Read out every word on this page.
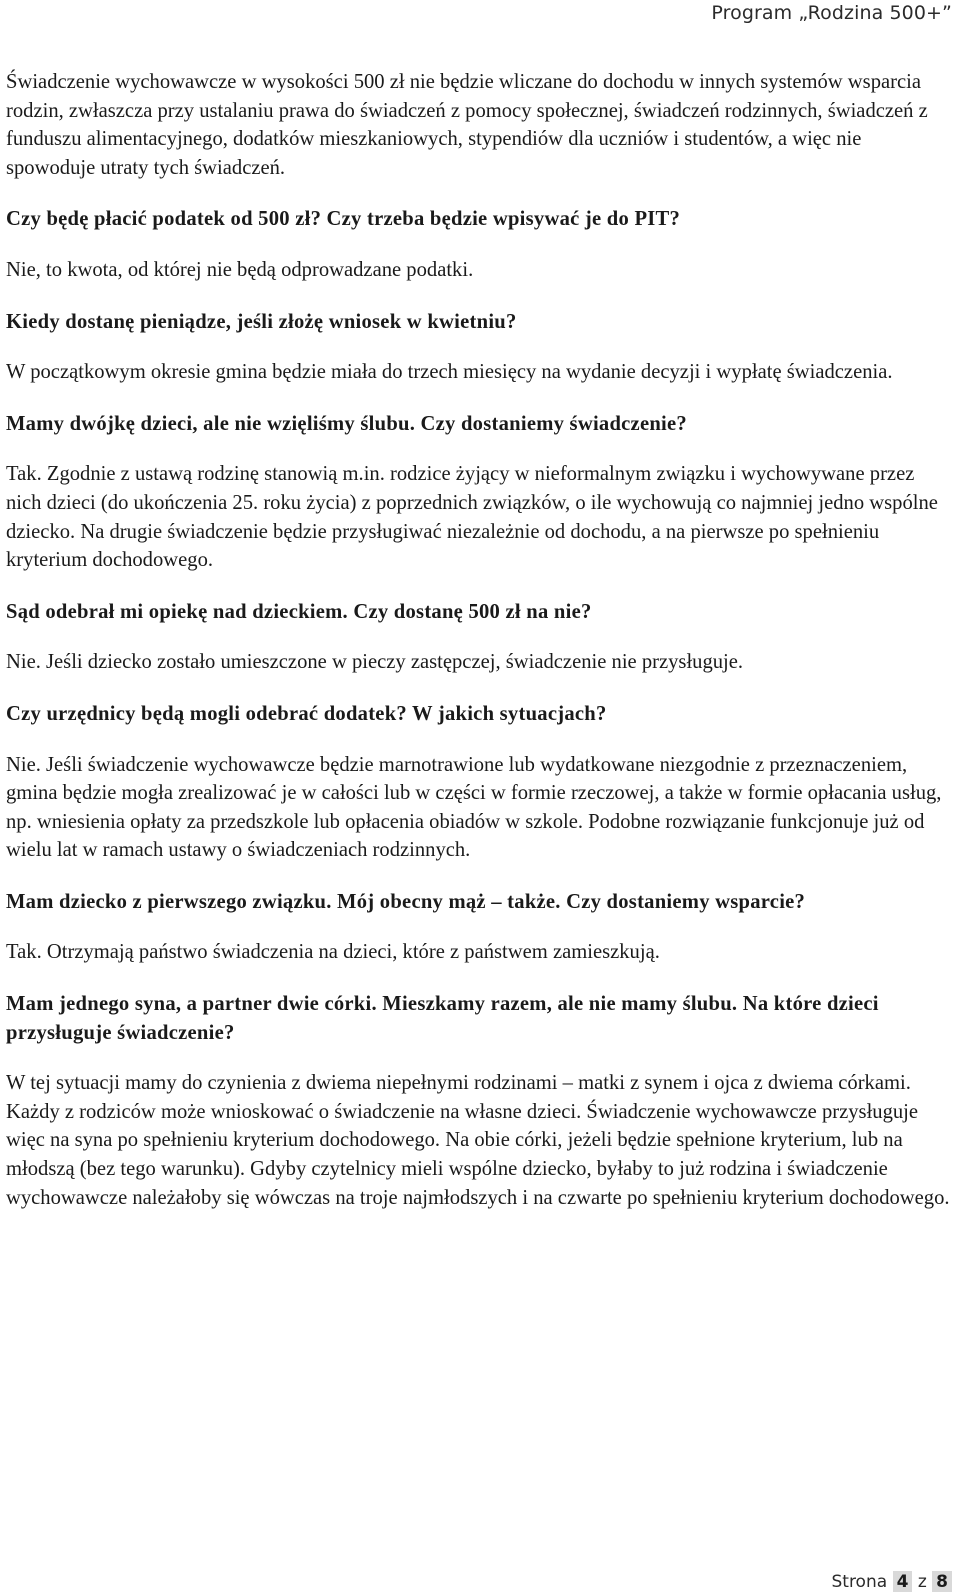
Program „Rodzina 500+”

Świadczenie wychowawcze w wysokości 500 zł nie będzie wliczane do dochodu w innych systemów wsparcia rodzin, zwłaszcza przy ustalaniu prawa do świadczeń z pomocy społecznej, świadczeń rodzinnych, świadczeń z funduszu alimentacyjnego, dodatków mieszkaniowych, stypendiów dla uczniów i studentów, a więc nie spowoduje utraty tych świadczeń.

Czy będę płacić podatek od 500 zł? Czy trzeba będzie wpisywać je do PIT?

Nie, to kwota, od której nie będą odprowadzane podatki.

Kiedy dostanę pieniądze, jeśli złożę wniosek w kwietniu?

W początkowym okresie gmina będzie miała do trzech miesięcy na wydanie decyzji i wypłatę świadczenia.

Mamy dwójkę dzieci, ale nie wzięliśmy ślubu. Czy dostaniemy świadczenie?

Tak. Zgodnie z ustawą rodzinę stanowią m.in. rodzice żyjący w nieformalnym związku i wychowywane przez nich dzieci (do ukończenia 25. roku życia) z poprzednich związków, o ile wychowują co najmniej jedno wspólne dziecko. Na drugie świadczenie będzie przysługiwać niezależnie od dochodu, a na pierwsze po spełnieniu kryterium dochodowego.

Sąd odebrał mi opiekę nad dzieckiem. Czy dostanę 500 zł na nie?

Nie. Jeśli dziecko zostało umieszczone w pieczy zastępczej, świadczenie nie przysługuje.

Czy urzędnicy będą mogli odebrać dodatek? W jakich sytuacjach?

Nie. Jeśli świadczenie wychowawcze będzie marnotrawione lub wydatkowane niezgodnie z przeznaczeniem, gmina będzie mogła zrealizować je w całości lub w części w formie rzeczowej, a także w formie opłacania usług, np. wniesienia opłaty za przedszkole lub opłacenia obiadów w szkole. Podobne rozwiązanie funkcjonuje już od wielu lat w ramach ustawy o świadczeniach rodzinnych.

Mam dziecko z pierwszego związku. Mój obecny mąż – także. Czy dostaniemy wsparcie?

Tak. Otrzymają państwo świadczenia na dzieci, które z państwem zamieszkują.

Mam jednego syna, a partner dwie córki. Mieszkamy razem, ale nie mamy ślubu. Na które dzieci przysługuje świadczenie?

W tej sytuacji mamy do czynienia z dwiema niepełnymi rodzinami – matki z synem i ojca z dwiema córkami. Każdy z rodziców może wnioskować o świadczenie na własne dzieci. Świadczenie wychowawcze przysługuje więc na syna po spełnieniu kryterium dochodowego. Na obie córki, jeżeli będzie spełnione kryterium, lub na młodszą (bez tego warunku). Gdyby czytelnicy mieli wspólne dziecko, byłaby to już rodzina i świadczenie wychowawcze należałoby się wówczas na troje najmłodszych i na czwarte po spełnieniu kryterium dochodowego.

Strona 4 z 8
